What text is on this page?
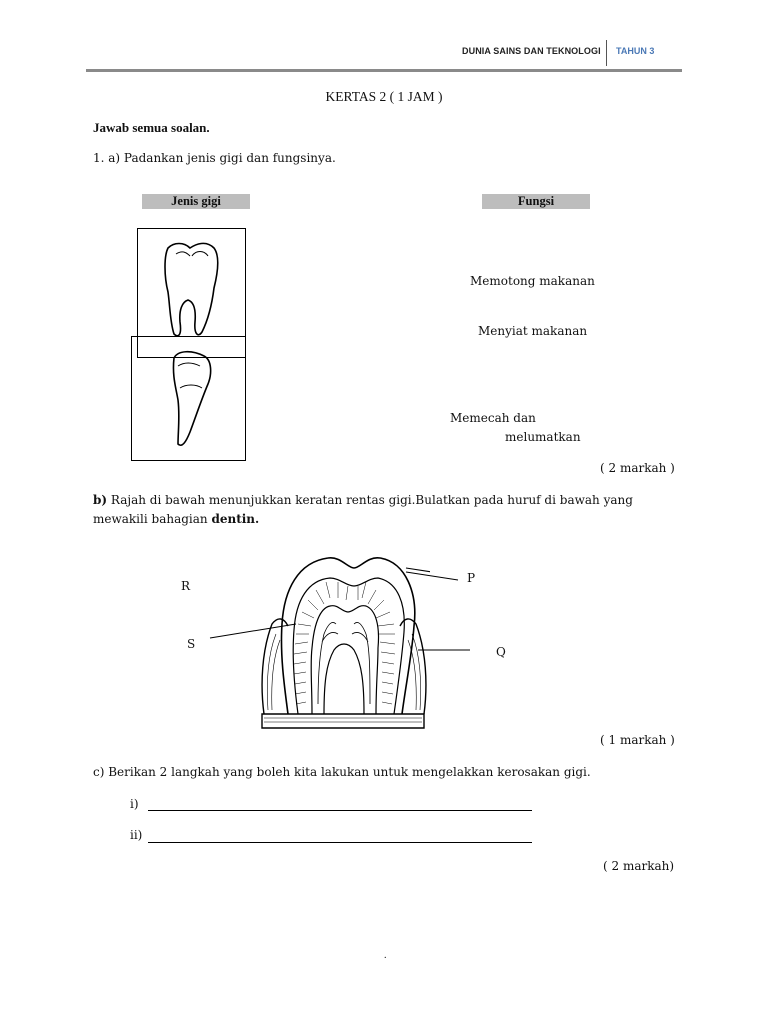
DUNIA SAINS DAN TEKNOLOGI TAHUN 3
KERTAS 2 ( 1 JAM )
Jawab semua soalan.
1. a) Padankan jenis gigi dan fungsinya.
Jenis gigi	Fungsi
Memotong makanan
Menyiat makanan
Memecah dan
melumatkan
( 2 markah )
b) Rajah di bawah menunjukkan keratan rentas gigi.Bulatkan pada huruf di bawah yang
mewakili bahagian dentin.
P
Q
R
S
( 1 markah )
c) Berikan 2 langkah yang boleh kita lakukan untuk mengelakkan kerosakan gigi.
i)
ii)
( 2 markah)
.
